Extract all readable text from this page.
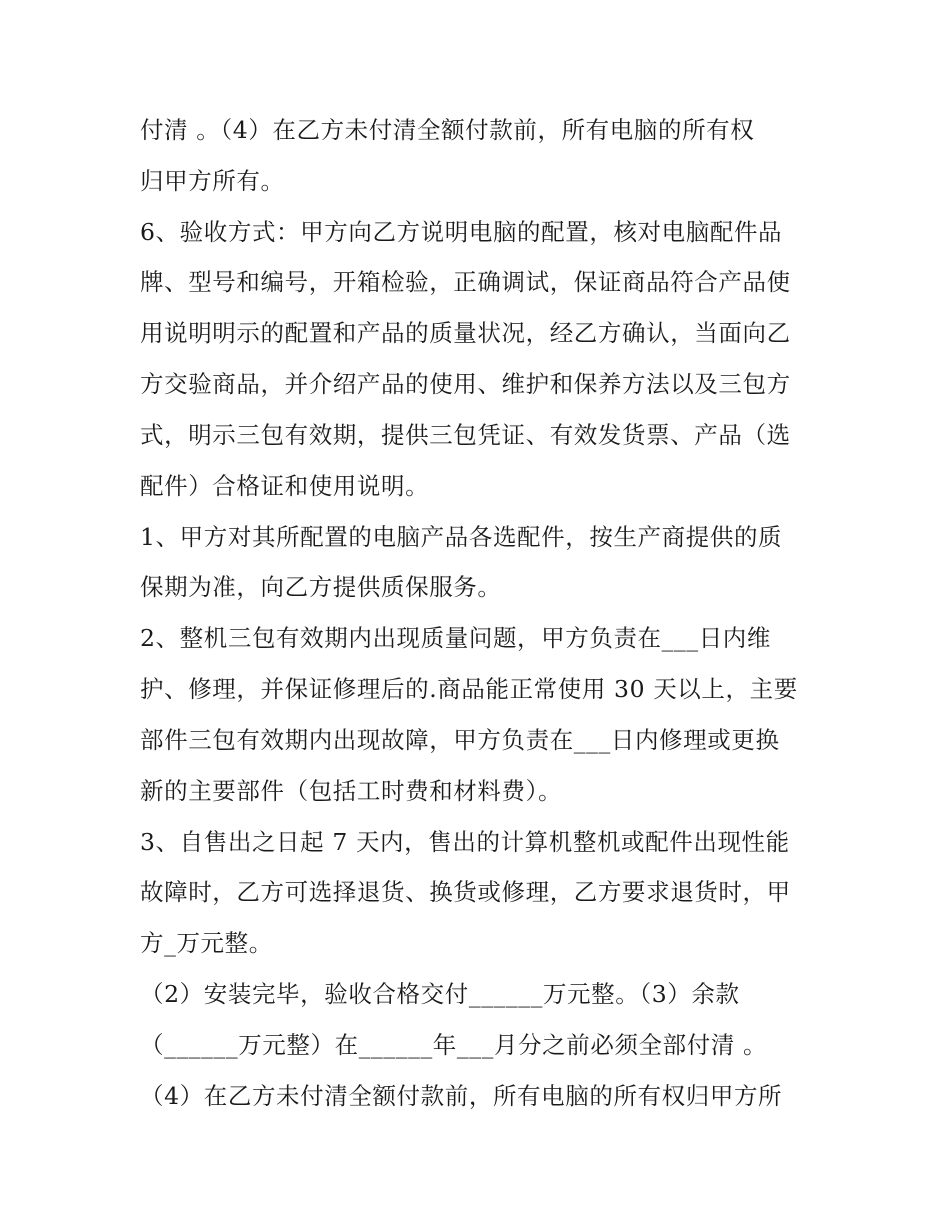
付清 。（4）在乙方未付清全额付款前，所有电脑的所有权
归甲方所有。
6、验收方式：甲方向乙方说明电脑的配置，核对电脑配件品
牌、型号和编号，开箱检验，正确调试，保证商品符合产品使
用说明明示的配置和产品的质量状况，经乙方确认，当面向乙
方交验商品，并介绍产品的使用、维护和保养方法以及三包方
式，明示三包有效期，提供三包凭证、有效发货票、产品（选
配件）合格证和使用说明。
1、甲方对其所配置的电脑产品各选配件，按生产商提供的质
保期为准，向乙方提供质保服务。
2、整机三包有效期内出现质量问题，甲方负责在___日内维
护、修理，并保证修理后的.商品能正常使用 30 天以上，主要
部件三包有效期内出现故障，甲方负责在___日内修理或更换
新的主要部件（包括工时费和材料费）。
3、自售出之日起 7 天内，售出的计算机整机或配件出现性能
故障时，乙方可选择退货、换货或修理，乙方要求退货时，甲
方_万元整。
（2）安装完毕，验收合格交付______万元整。（3）余款
（______万元整）在______年___月分之前必须全部付清 。
（4）在乙方未付清全额付款前，所有电脑的所有权归甲方所
